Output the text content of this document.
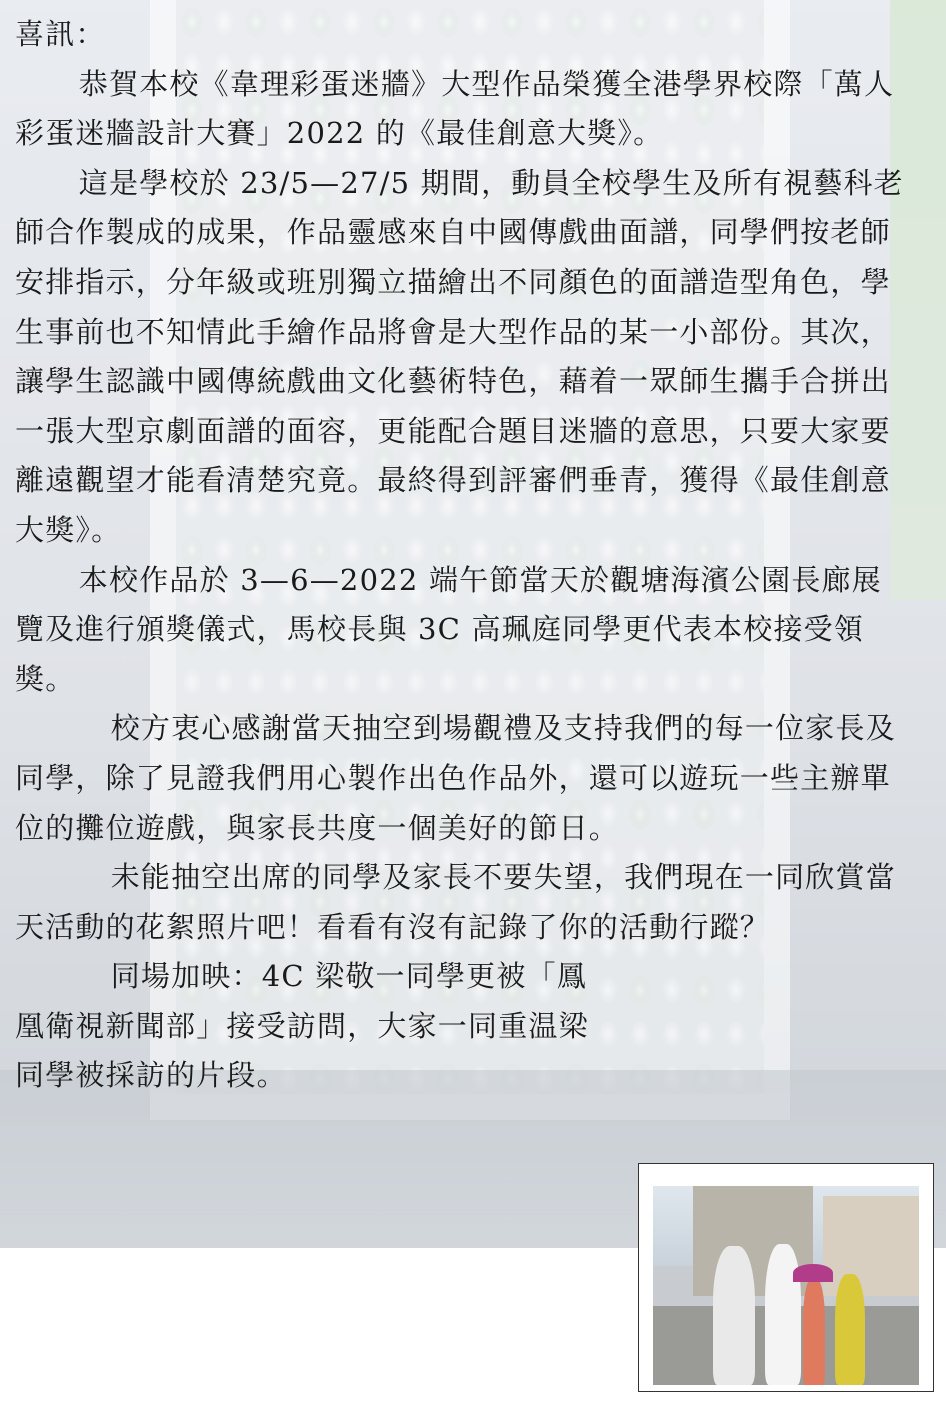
喜訊：

恭賀本校《韋理彩蛋迷牆》大型作品榮獲全港學界校際「萬人彩蛋迷牆設計大賽」2022 的《最佳創意大獎》。

這是學校於 23/5—27/5 期間，動員全校學生及所有視藝科老師合作製成的成果，作品靈感來自中國傳戲曲面譜，同學們按老師安排指示，分年級或班別獨立描繪出不同顏色的面譜造型角色，學生事前也不知情此手繪作品將會是大型作品的某一小部份。其次，讓學生認識中國傳統戲曲文化藝術特色，藉着一眾師生攜手合拼出一張大型京劇面譜的面容，更能配合題目迷牆的意思，只要大家要離遠觀望才能看清楚究竟。最終得到評審們垂青，獲得《最佳創意大獎》。

本校作品於 3—6—2022 端午節當天於觀塘海濱公園長廊展覽及進行頒獎儀式，馬校長與 3C 高珮庭同學更代表本校接受領獎。

校方衷心感謝當天抽空到場觀禮及支持我們的每一位家長及同學，除了見證我們用心製作出色作品外，還可以遊玩一些主辦單位的攤位遊戲，與家長共度一個美好的節日。

未能抽空出席的同學及家長不要失望，我們現在一同欣賞當天活動的花絮照片吧！看看有沒有記錄了你的活動行蹤？

同場加映：4C 梁敬一同學更被「鳳凰衛視新聞部」接受訪問，大家一同重温梁同學被採訪的片段。
